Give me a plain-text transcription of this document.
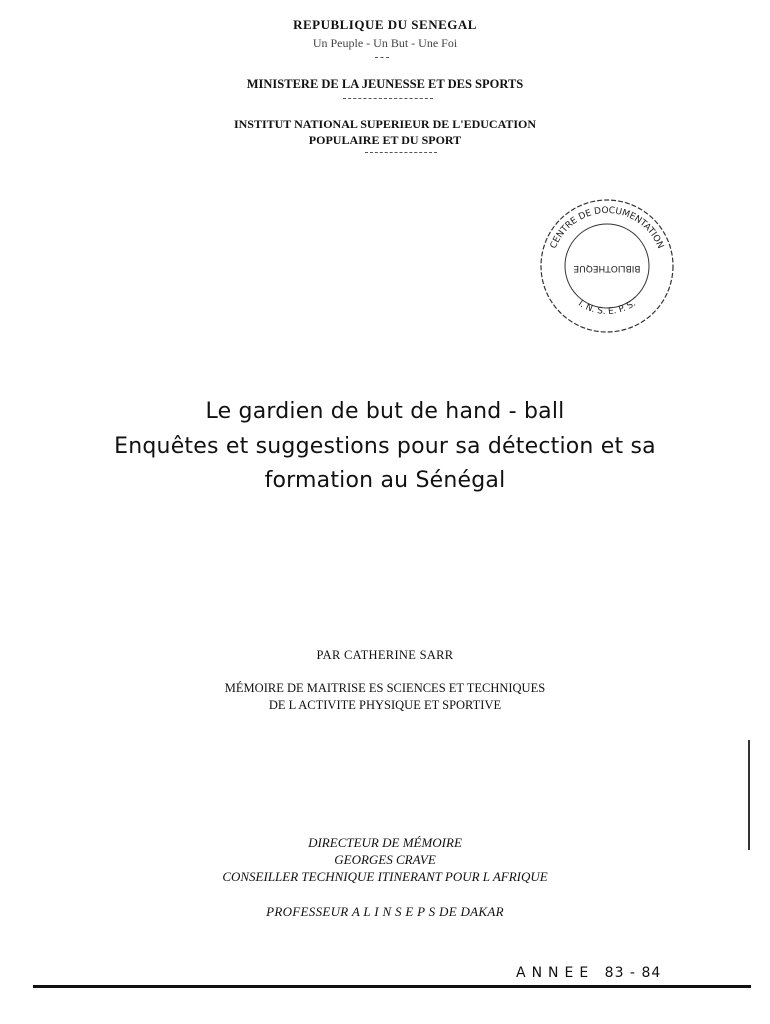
REPUBLIQUE DU SENEGAL
Un Peuple - Un But - Une Foi
MINISTERE DE LA JEUNESSE ET DES SPORTS
INSTITUT NATIONAL SUPERIEUR DE L'EDUCATION
POPULAIRE ET DU SPORT
CENTRE DE DOCUMENTATION
BIBLIOTHEQUE
I. N. S. E. P. S.
Le gardien de but de hand - ball
Enquêtes et suggestions pour sa détection et sa
formation au Sénégal
PAR CATHERINE SARR
MÉMOIRE DE MAITRISE ES SCIENCES ET TECHNIQUES
DE L ACTIVITE PHYSIQUE ET SPORTIVE
DIRECTEUR DE MÉMOIRE
GEORGES CRAVE
CONSEILLER TECHNIQUE ITINERANT POUR L AFRIQUE
PROFESSEUR A L I N S E P S DE DAKAR
ANNEE 83 - 84
